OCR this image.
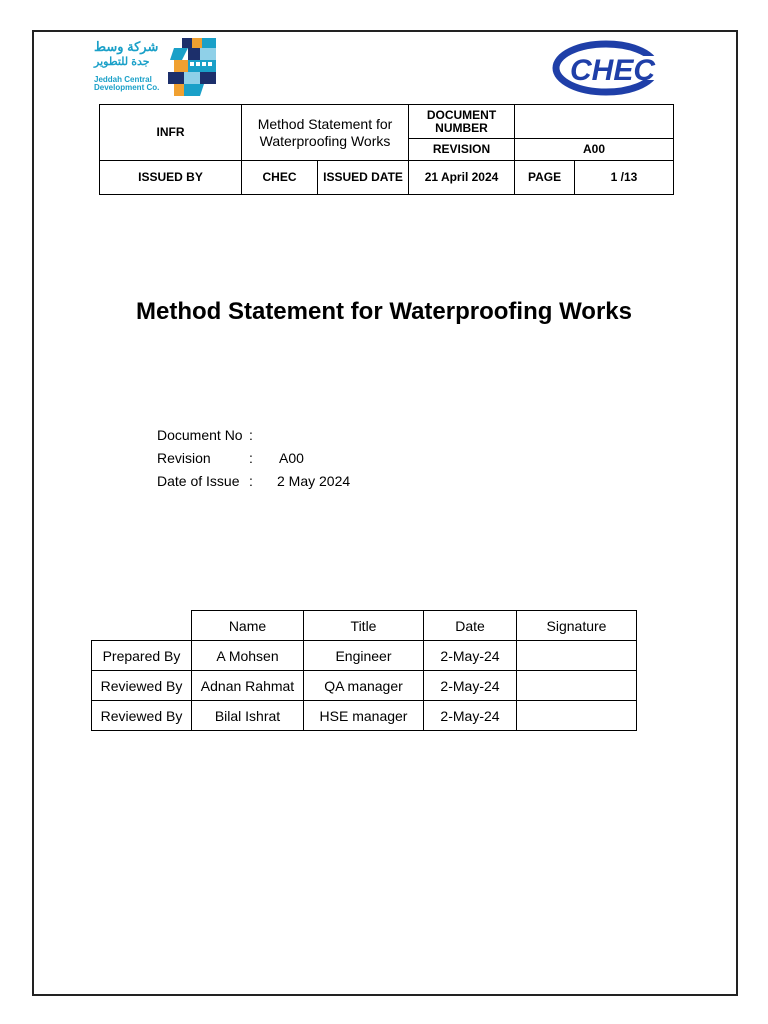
شركة وسط
جدة للتطوير
Jeddah Central Development Co.
CHEC
INFR	Method Statement for Waterproofing Works		DOCUMENT NUMBER		
			REVISION	A00	
ISSUED BY	CHEC	ISSUED DATE	21 April 2024	PAGE	1 /13
Method Statement for Waterproofing Works
Document No :
Revision	: A00
Date of Issue : 2 May 2024
	Name	Title	Date	Signature
Prepared By	A Mohsen	Engineer	2-May-24	
Reviewed By	Adnan Rahmat	QA manager	2-May-24	
Reviewed By	Bilal Ishrat	HSE manager	2-May-24	
